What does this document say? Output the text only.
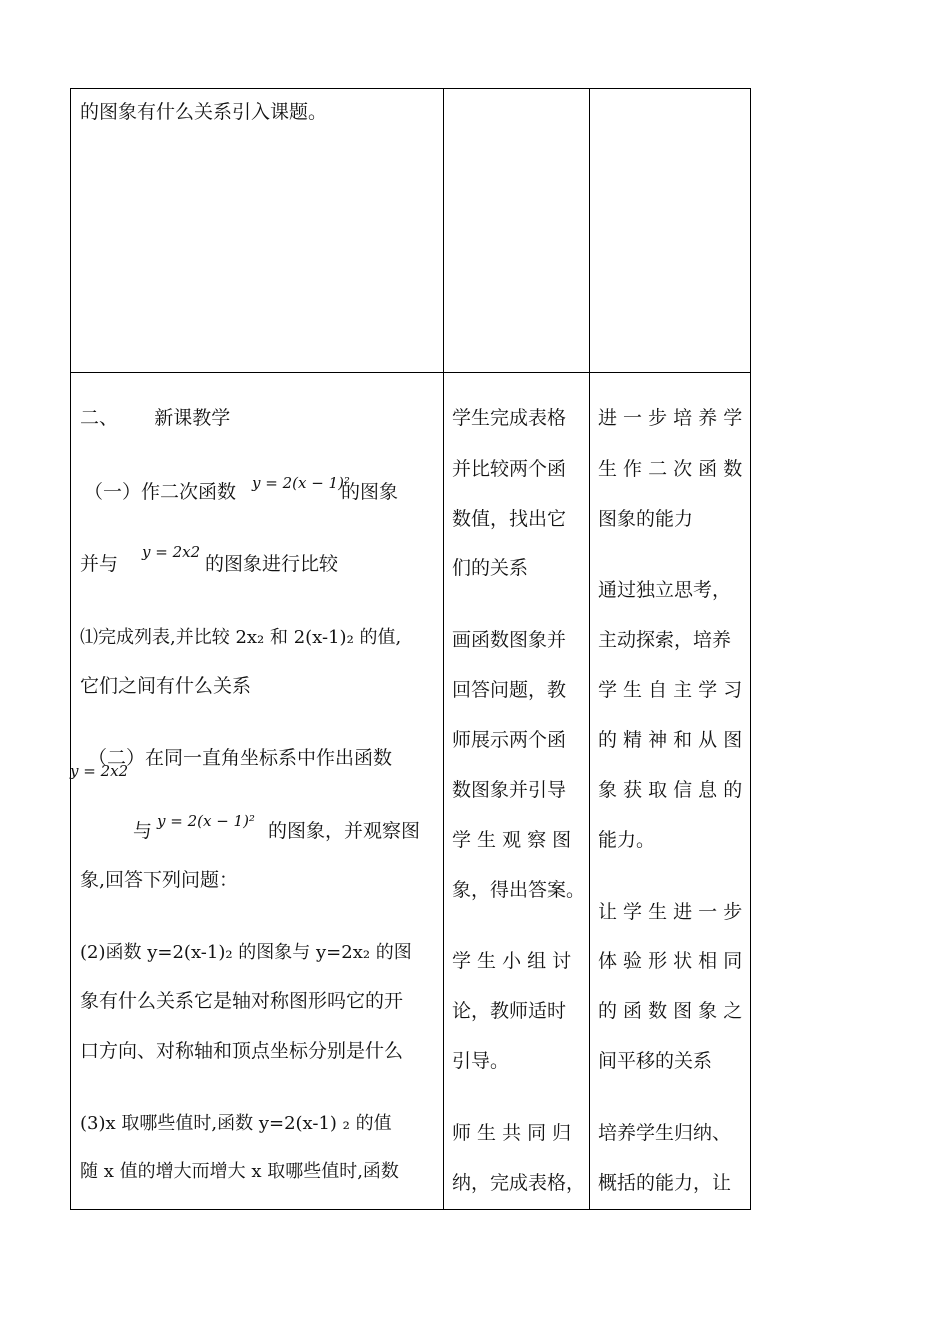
的图象有什么关系引入课题。
二、      新课教学
（一）作二次函数 y = 2(x − 1)²
的图象
并与
y = 2x2
的图象进行比较
⑴完成列表,并比较 2x₂ 和 2(x-1)₂ 的值,
它们之间有什么关系
（二）在同一直角坐标系中作出函数
y = 2x2
与 y = 2(x − 1)² 的图象，并观察图
象,回答下列问题：
(2)函数 y=2(x-1)₂ 的图象与 y=2x₂ 的图
象有什么关系它是轴对称图形吗它的开
口方向、对称轴和顶点坐标分别是什么
(3)x 取哪些值时,函数 y=2(x-1) ₂ 的值
随 x 值的增大而增大 x 取哪些值时,函数
学生完成表格
并比较两个函
数值，找出它
们的关系
画函数图象并
回答问题，教
师展示两个函
数图象并引导
学 生 观 察 图
象，得出答案。
学 生 小 组 讨
论，教师适时
引导。
师 生 共 同 归
纳，完成表格，
进 一 步 培 养 学
生 作 二 次 函 数
图象的能力
通过独立思考，
主动探索，培养
学 生 自 主 学 习
的 精 神 和 从 图
象 获 取 信 息 的
能力。
让 学 生 进 一 步
体 验 形 状 相 同
的 函 数 图 象 之
间平移的关系
培养学生归纳、
概括的能力，让
